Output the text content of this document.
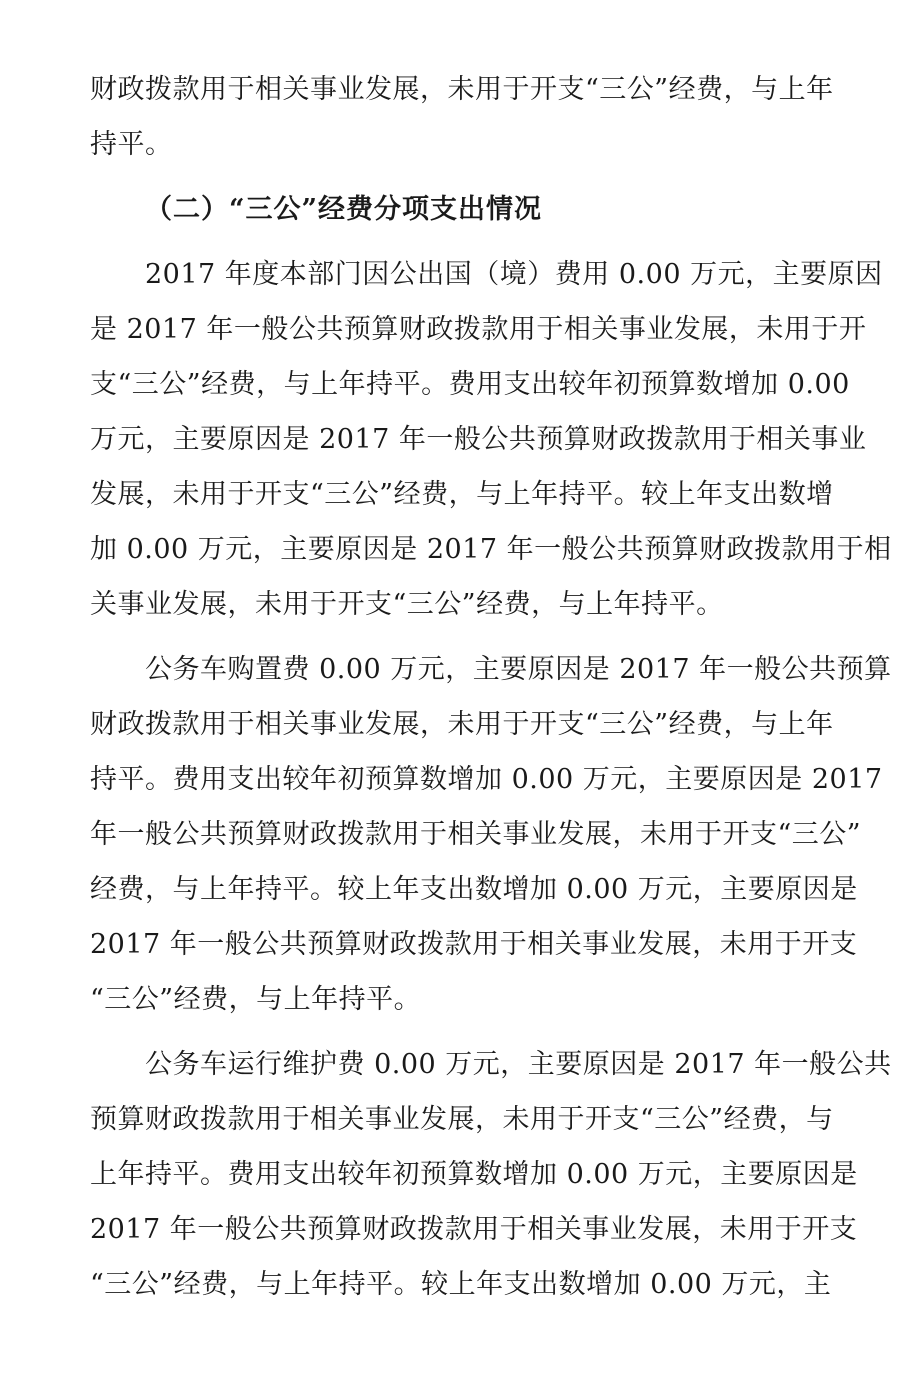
财政拨款用于相关事业发展，未用于开支“三公”经费，与上年
持平。
（二）“三公”经费分项支出情况
2017 年度本部门因公出国（境）费用 0.00 万元，主要原因
是 2017 年一般公共预算财政拨款用于相关事业发展，未用于开
支“三公”经费，与上年持平。费用支出较年初预算数增加 0.00
万元，主要原因是 2017 年一般公共预算财政拨款用于相关事业
发展，未用于开支“三公”经费，与上年持平。较上年支出数增
加 0.00 万元，主要原因是 2017 年一般公共预算财政拨款用于相
关事业发展，未用于开支“三公”经费，与上年持平。
公务车购置费 0.00 万元，主要原因是 2017 年一般公共预算
财政拨款用于相关事业发展，未用于开支“三公”经费，与上年
持平。费用支出较年初预算数增加 0.00 万元，主要原因是 2017
年一般公共预算财政拨款用于相关事业发展，未用于开支“三公”
经费，与上年持平。较上年支出数增加 0.00 万元，主要原因是
2017 年一般公共预算财政拨款用于相关事业发展，未用于开支
“三公”经费，与上年持平。
公务车运行维护费 0.00 万元，主要原因是 2017 年一般公共
预算财政拨款用于相关事业发展，未用于开支“三公”经费，与
上年持平。费用支出较年初预算数增加 0.00 万元，主要原因是
2017 年一般公共预算财政拨款用于相关事业发展，未用于开支
“三公”经费，与上年持平。较上年支出数增加 0.00 万元，主
